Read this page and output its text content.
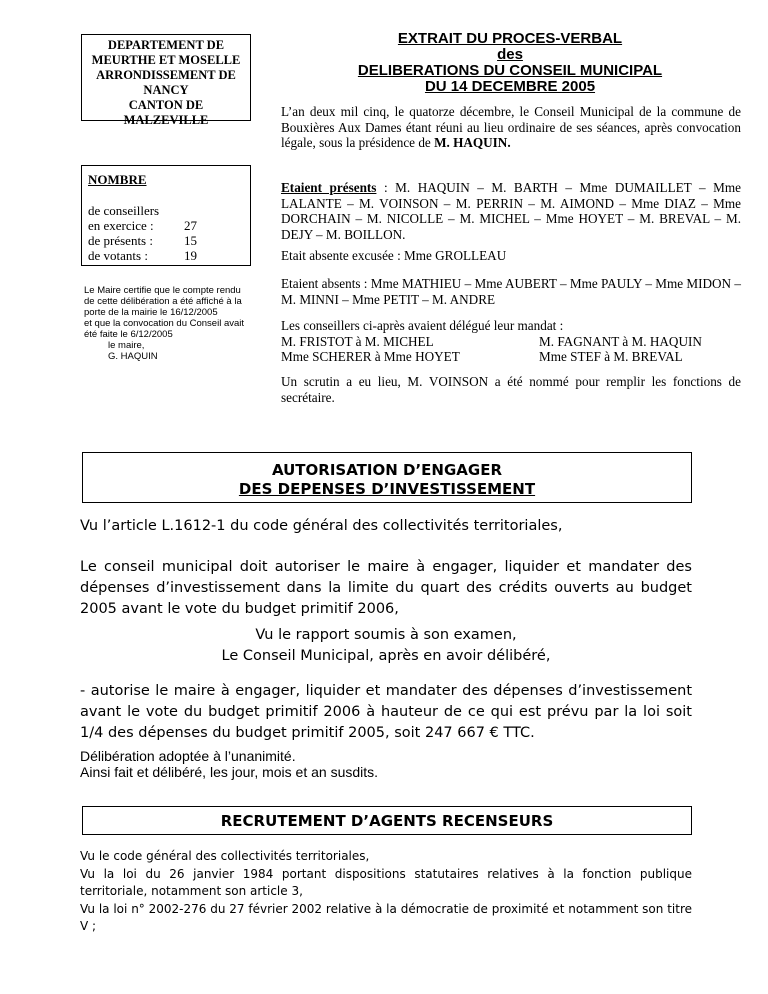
DEPARTEMENT DE
MEURTHE ET MOSELLE
ARRONDISSEMENT DE
NANCY
CANTON DE
MALZEVILLE
NOMBRE
de conseillers
en exercice : 27
de présents : 15
de votants :	19
Le Maire certifie que le compte rendu
de cette délibération a été affiché à la
porte de la mairie le 16/12/2005
et que la convocation du Conseil avait
été faite le 6/12/2005
le maire,
G. HAQUIN
EXTRAIT DU PROCES-VERBAL
des
DELIBERATIONS DU CONSEIL MUNICIPAL
DU 14 DECEMBRE 2005
L’an deux mil cinq, le quatorze décembre, le Conseil Municipal de la commune de Bouxières Aux Dames étant réuni au lieu ordinaire de ses séances, après convocation légale, sous la présidence de M. HAQUIN.
Etaient présents : M. HAQUIN – M. BARTH – Mme DUMAILLET – Mme LALANTE – M. VOINSON – M. PERRIN – M. AIMOND – Mme DIAZ – Mme DORCHAIN – M. NICOLLE – M. MICHEL – Mme HOYET – M. BREVAL – M. DEJY – M. BOILLON.
Etait absente excusée : Mme GROLLEAU
Etaient absents : Mme MATHIEU – Mme AUBERT – Mme PAULY – Mme MIDON – M. MINNI – Mme PETIT – M. ANDRE
Les conseillers ci-après avaient délégué leur mandat :
M. FRISTOT à M. MICHEL	M. FAGNANT à M. HAQUIN
Mme SCHERER à Mme HOYET	Mme STEF à M. BREVAL
Un scrutin a eu lieu, M. VOINSON a été nommé pour remplir les fonctions de secrétaire.
AUTORISATION D’ENGAGER
DES DEPENSES D’INVESTISSEMENT
Vu l’article L.1612-1 du code général des collectivités territoriales,
Le conseil municipal doit autoriser le maire à engager, liquider et mandater des dépenses d’investissement dans la limite du quart des crédits ouverts au budget 2005 avant le vote du budget primitif 2006,
Vu le rapport soumis à son examen,
Le Conseil Municipal, après en avoir délibéré,
- autorise le maire à engager, liquider et mandater des dépenses d’investissement avant le vote du budget primitif 2006 à hauteur de ce qui est prévu par la loi soit 1/4 des dépenses du budget primitif 2005, soit 247 667 € TTC.
Délibération adoptée à l’unanimité.
Ainsi fait et délibéré, les jour, mois et an susdits.
RECRUTEMENT D’AGENTS RECENSEURS
Vu le code général des collectivités territoriales,
Vu la loi du 26 janvier 1984 portant dispositions statutaires relatives à la fonction publique territoriale, notamment son article 3,
Vu la loi n° 2002-276 du 27 février 2002 relative à la démocratie de proximité et notamment son titre V ;
